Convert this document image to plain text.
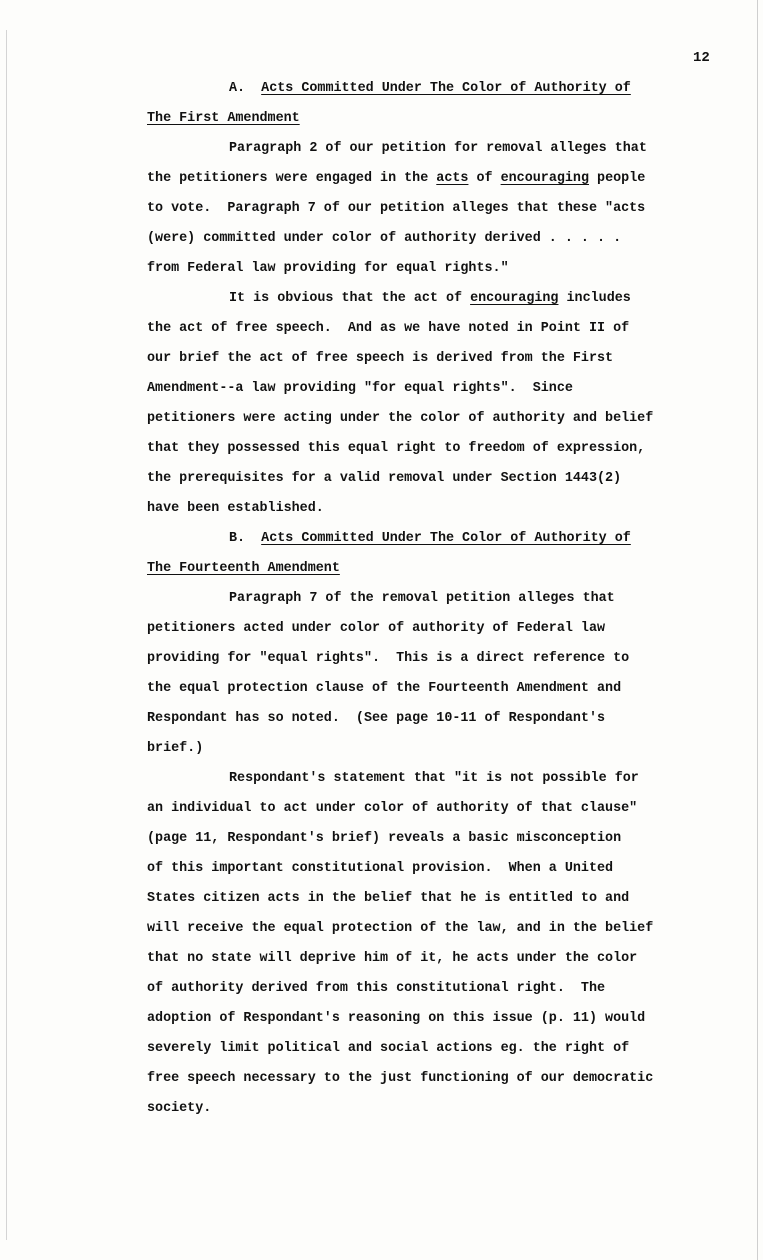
12
A. Acts Committed Under The Color of Authority of
The First Amendment
Paragraph 2 of our petition for removal alleges that
the petitioners were engaged in the acts of encouraging people
to vote.  Paragraph 7 of our petition alleges that these "acts
(were) committed under color of authority derived . . . . .
from Federal law providing for equal rights."
It is obvious that the act of encouraging includes
the act of free speech.  And as we have noted in Point II of
our brief the act of free speech is derived from the First
Amendment--a law providing "for equal rights".  Since
petitioners were acting under the color of authority and belief
that they possessed this equal right to freedom of expression,
the prerequisites for a valid removal under Section 1443(2)
have been established.
B. Acts Committed Under The Color of Authority of
The Fourteenth Amendment
Paragraph 7 of the removal petition alleges that
petitioners acted under color of authority of Federal law
providing for "equal rights".  This is a direct reference to
the equal protection clause of the Fourteenth Amendment and
Respondant has so noted.  (See page 10-11 of Respondant's
brief.)
Respondant's statement that "it is not possible for
an individual to act under color of authority of that clause"
(page 11, Respondant's brief) reveals a basic misconception
of this important constitutional provision.  When a United
States citizen acts in the belief that he is entitled to and
will receive the equal protection of the law, and in the belief
that no state will deprive him of it, he acts under the color
of authority derived from this constitutional right.  The
adoption of Respondant's reasoning on this issue (p. 11) would
severely limit political and social actions eg. the right of
free speech necessary to the just functioning of our democratic
society.
